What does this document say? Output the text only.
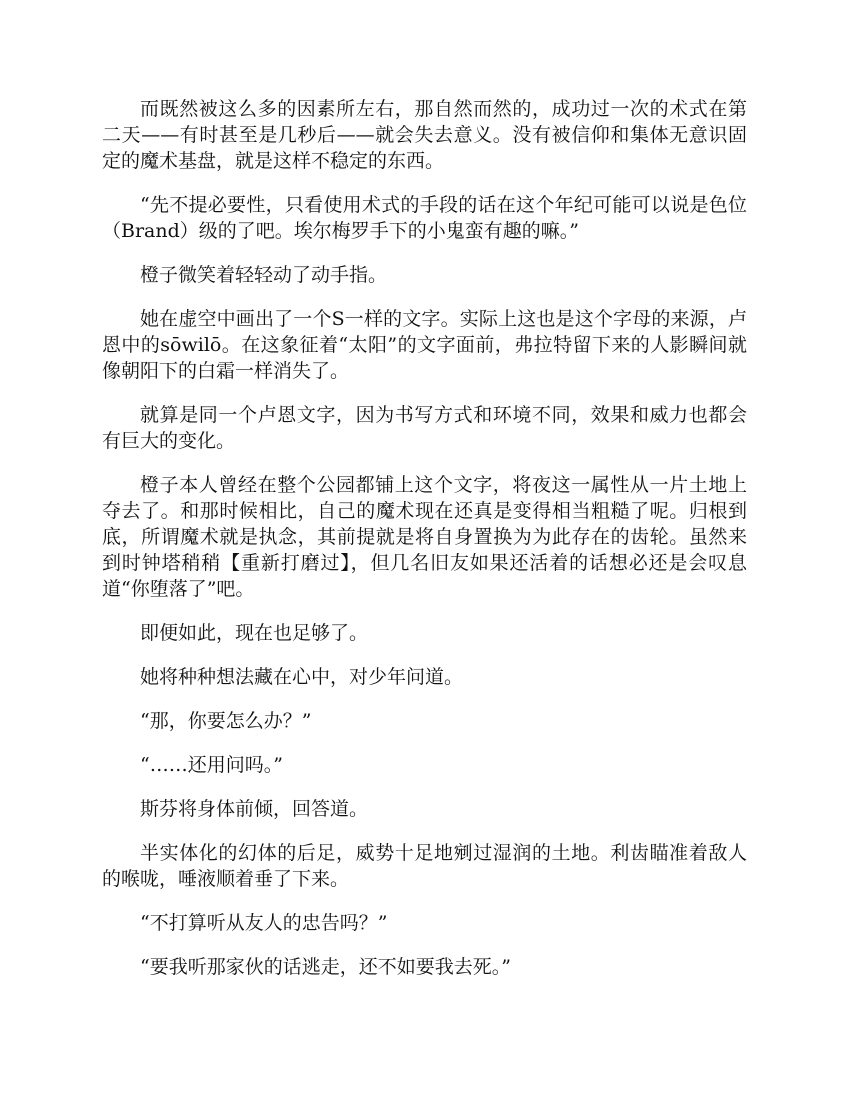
而既然被这么多的因素所左右，那自然而然的，成功过一次的术式在第二天——有时甚至是几秒后——就会失去意义。没有被信仰和集体无意识固定的魔术基盘，就是这样不稳定的东西。

“先不提必要性，只看使用术式的手段的话在这个年纪可能可以说是色位（Brand）级的了吧。埃尔梅罗手下的小鬼蛮有趣的嘛。”

橙子微笑着轻轻动了动手指。

她在虚空中画出了一个S一样的文字。实际上这也是这个字母的来源，卢恩中的sōwilō。在这象征着“太阳”的文字面前，弗拉特留下来的人影瞬间就像朝阳下的白霜一样消失了。

就算是同一个卢恩文字，因为书写方式和环境不同，效果和威力也都会有巨大的变化。

橙子本人曾经在整个公园都铺上这个文字，将夜这一属性从一片土地上夺去了。和那时候相比，自己的魔术现在还真是变得相当粗糙了呢。归根到底，所谓魔术就是执念，其前提就是将自身置换为为此存在的齿轮。虽然来到时钟塔稍稍【重新打磨过】，但几名旧友如果还活着的话想必还是会叹息道“你堕落了”吧。

即便如此，现在也足够了。

她将种种想法藏在心中，对少年问道。

“那，你要怎么办？”

“……还用问吗。”

斯芬将身体前倾，回答道。

半实体化的幻体的后足，威势十足地剜过湿润的土地。利齿瞄准着敌人的喉咙，唾液顺着垂了下来。

“不打算听从友人的忠告吗？”

“要我听那家伙的话逃走，还不如要我去死。”
